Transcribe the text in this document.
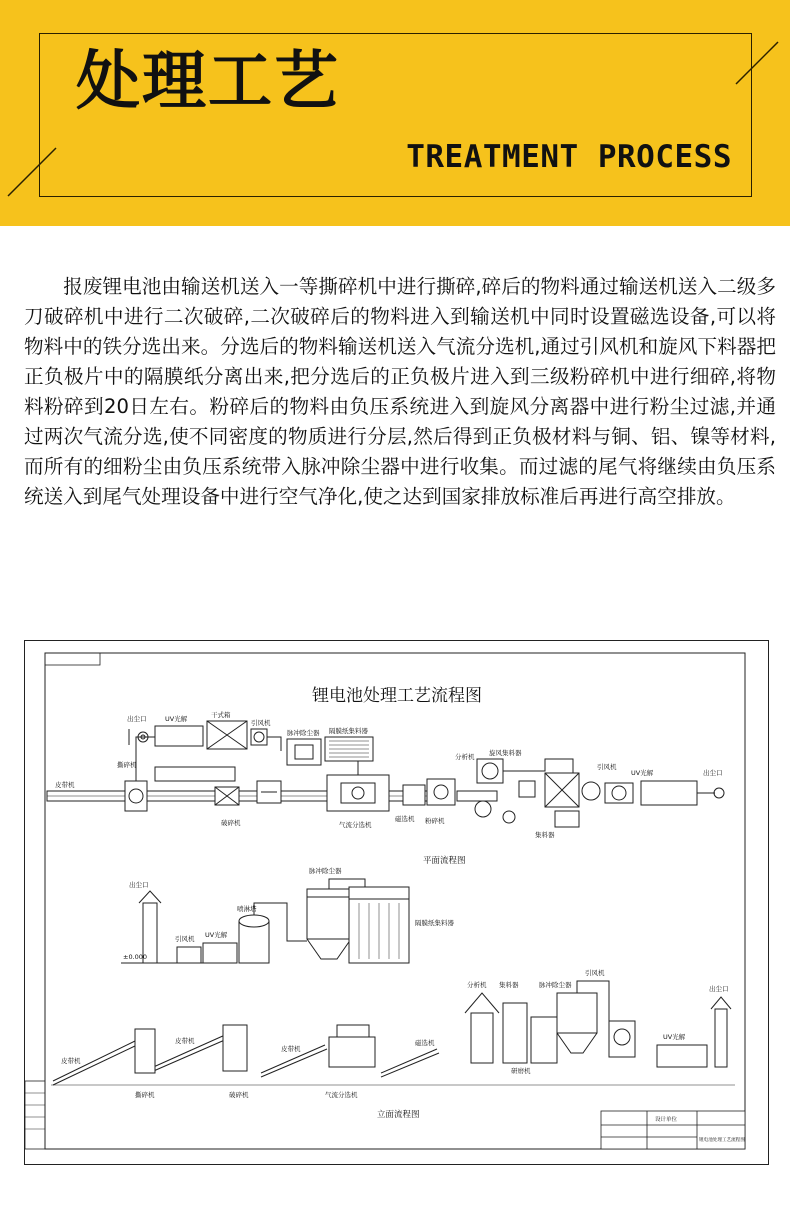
处理工艺
TREATMENT PROCESS

报废锂电池由输送机送入一等撕碎机中进行撕碎,碎后的物料通过输送机送入二级多刀破碎机中进行二次破碎,二次破碎后的物料进入到输送机中同时设置磁选设备,可以将物料中的铁分选出来。分选后的物料输送机送入气流分选机,通过引风机和旋风下料器把正负极片中的隔膜纸分离出来,把分选后的正负极片进入到三级粉碎机中进行细碎,将物料粉碎到20日左右。粉碎后的物料由负压系统进入到旋风分离器中进行粉尘过滤,并通过两次气流分选,使不同密度的物质进行分层,然后得到正负极材料与铜、铝、镍等材料,而所有的细粉尘由负压系统带入脉冲除尘器中进行收集。而过滤的尾气将继续由负压系统送入到尾气处理设备中进行空气净化,使之达到国家排放标准后再进行高空排放。

锂电池处理工艺流程图
出尘口	UV光解	干式箱
引风机
脉冲除尘器 隔膜纸集料器
皮带机
撕碎机
破碎机	气流分选机
磁选机 粉碎机
分析机 旋风集料器
集料器
UV光解
引风机
出尘口
平面流程图
出尘口
引风机 UV光解
喷淋塔
脉冲除尘器
隔膜纸集料器
±0.000
皮带机
皮带机
皮带机
撕碎机	破碎机	气流分选机
磁选机
分析机
研磨机
集料器	脉冲除尘器
引风机
UV光解
出尘口
立面流程图	设计单位
锂电池处理工艺流程图
